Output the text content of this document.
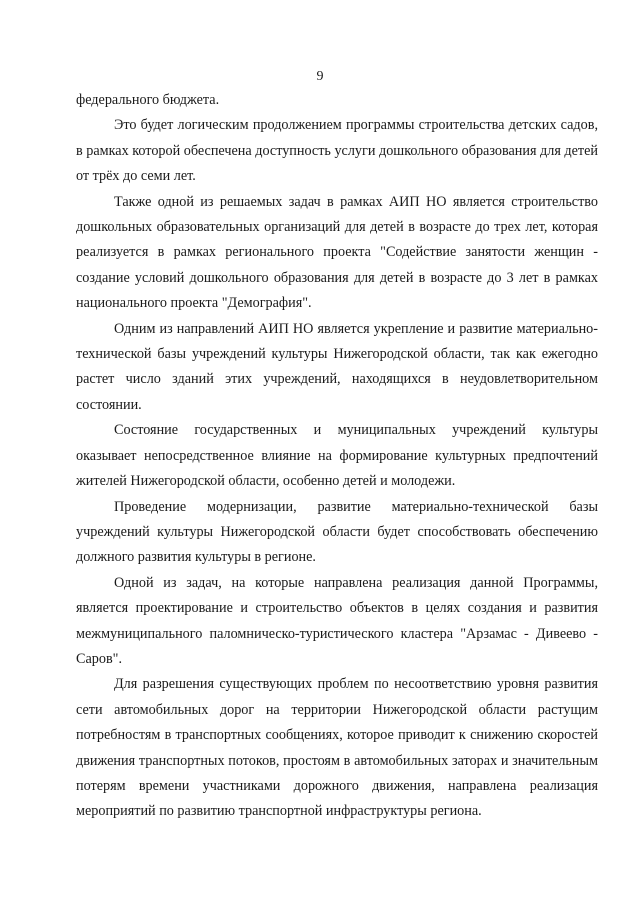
9

федерального бюджета.

Это будет логическим продолжением программы строительства детских садов, в рамках которой обеспечена доступность услуги дошкольного образования для детей от трёх до семи лет.

Также одной из решаемых задач в рамках АИП НО является строительство дошкольных образовательных организаций для детей в возрасте до трех лет, которая реализуется в рамках регионального проекта "Содействие занятости женщин - создание условий дошкольного образования для детей в возрасте до 3 лет в рамках национального проекта "Демография".

Одним из направлений АИП НО является укрепление и развитие материально-технической базы учреждений культуры Нижегородской области, так как ежегодно растет число зданий этих учреждений, находящихся в неудовлетворительном состоянии.

Состояние государственных и муниципальных учреждений культуры оказывает непосредственное влияние на формирование культурных предпочтений жителей Нижегородской области, особенно детей и молодежи.

Проведение модернизации, развитие материально-технической базы учреждений культуры Нижегородской области будет способствовать обеспечению должного развития культуры в регионе.

Одной из задач, на которые направлена реализация данной Программы, является проектирование и строительство объектов в целях создания и развития межмуниципального паломническо-туристического кластера "Арзамас - Дивеево - Саров".

Для разрешения существующих проблем по несоответствию уровня развития сети автомобильных дорог на территории Нижегородской области растущим потребностям в транспортных сообщениях, которое приводит к снижению скоростей движения транспортных потоков, простоям в автомобильных заторах и значительным потерям времени участниками дорожного движения, направлена реализация мероприятий по развитию транспортной инфраструктуры региона.
